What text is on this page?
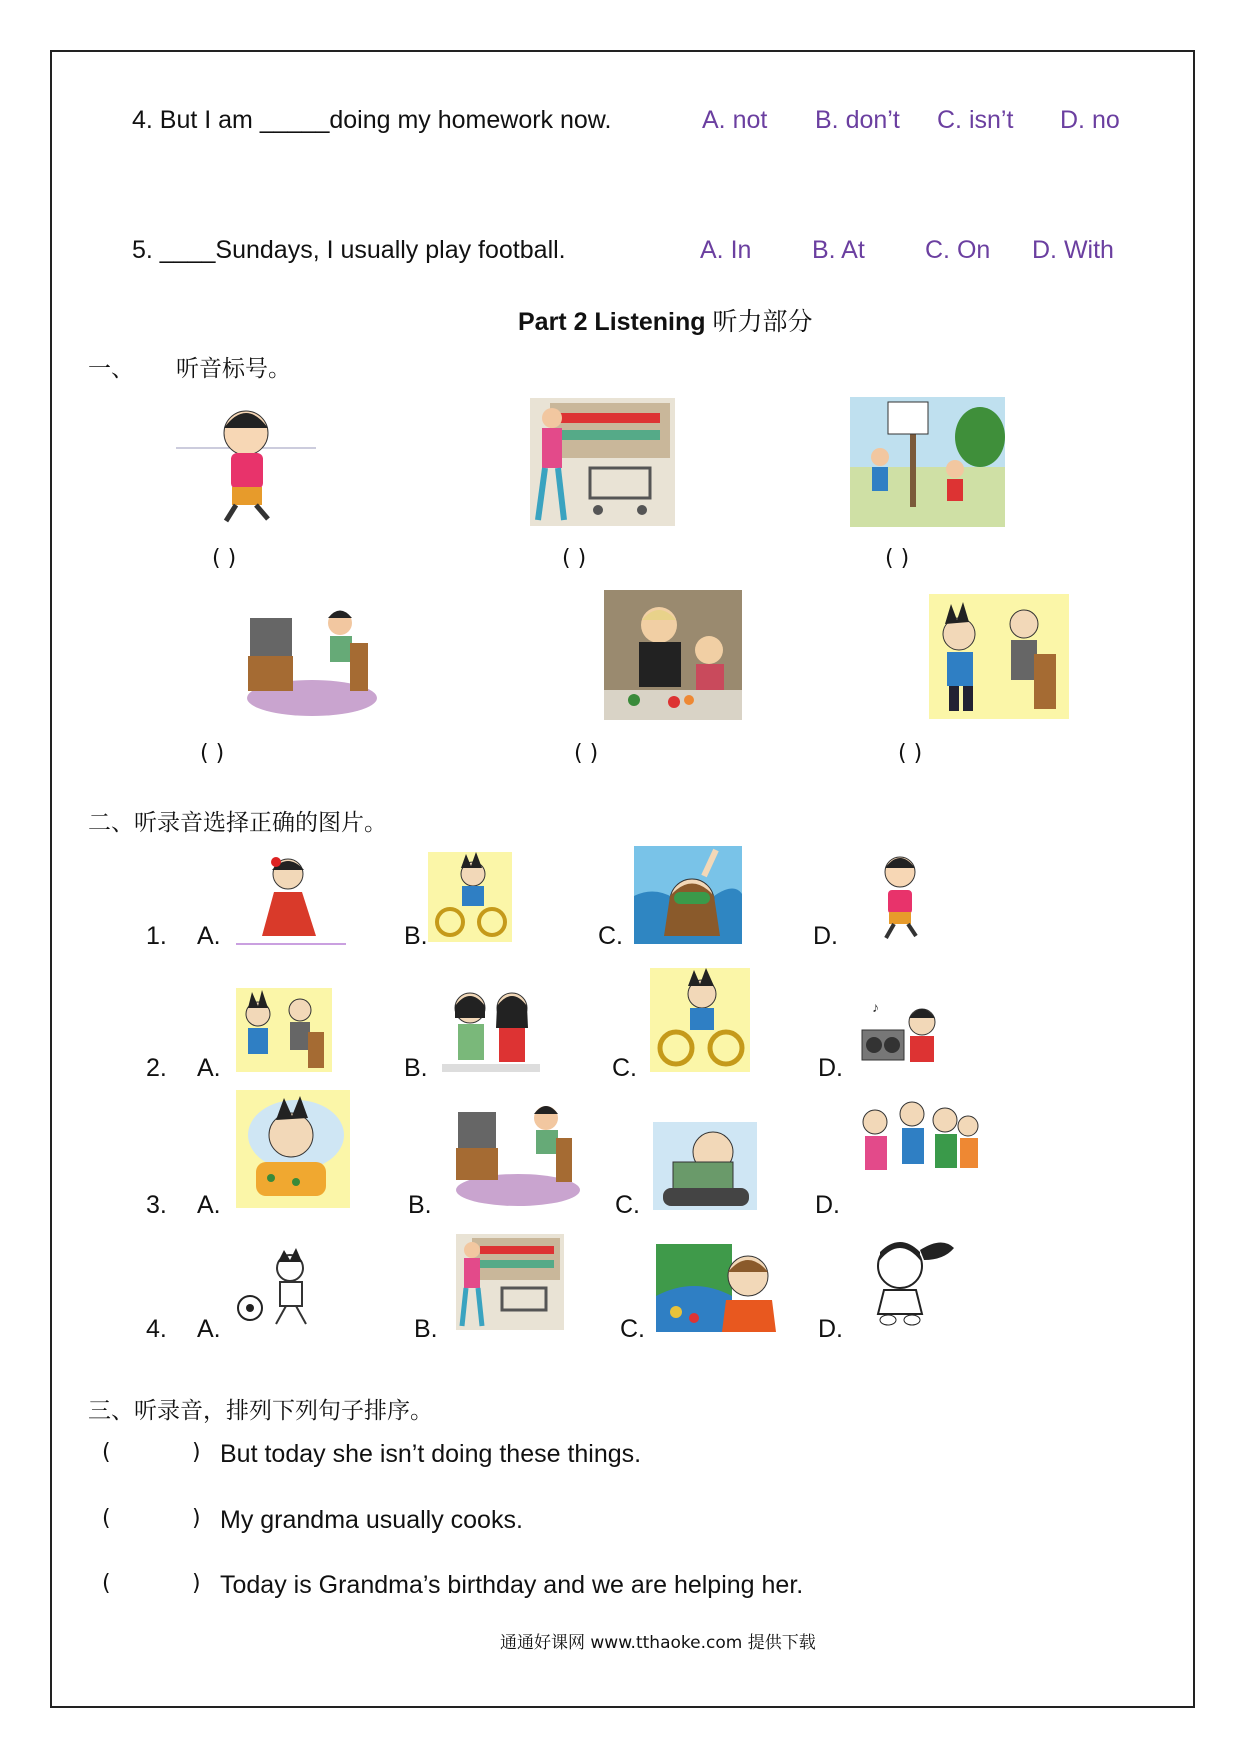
4. But I am _____doing my homework now.	A. not B. don’t C. isn’t D. no
5. ____Sundays, I usually play football.	A. In B. At C. On D. With
Part 2 Listening 听力部分
一、 听音标号。
( )	( )	( )
( )	( )	( )
二、听录音选择正确的图片。
1. A.	B.	C.	D.
2. A.	B.	C.	D.
3. A.	B.	C.	D.
4. A.	B.	C.	D.
♪
三、听录音，排列下列句子排序。
(	) But today she isn’t doing these things.
(	) My grandma usually cooks.
(	) Today is Grandma’s birthday and we are helping her.
通通好课网 www.tthaoke.com 提供下载
